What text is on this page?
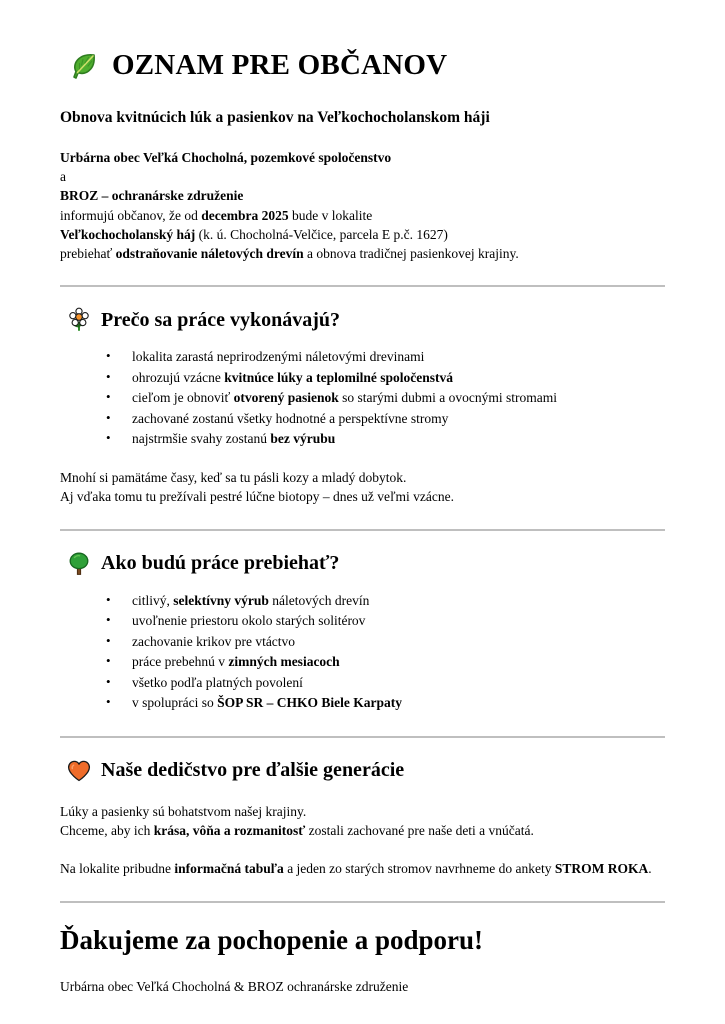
OZNAM PRE OBČANOV
Obnova kvitnúcich lúk a pasienkov na Veľkochocholanskom háji
Urbárna obec Veľká Chocholná, pozemkové spoločenstvo
a
BROZ – ochranárske združenie
informujú občanov, že od decembra 2025 bude v lokalite
Veľkochocholanský háj (k. ú. Chocholná-Velčice, parcela E p.č. 1627)
prebiehať odstraňovanie náletových drevín a obnova tradičnej pasienkovej krajiny.
Prečo sa práce vykonávajú?
• lokalita zarastá neprirodzenými náletovými drevinami
• ohrozujú vzácne kvitnúce lúky a teplomilné spoločenstvá
• cieľom je obnoviť otvorený pasienok so starými dubmi a ovocnými stromami
• zachované zostanú všetky hodnotné a perspektívne stromy
• najstrmšie svahy zostanú bez výrubu
Mnohí si pamätáme časy, keď sa tu pásli kozy a mladý dobytok.
Aj vďaka tomu tu prežívali pestré lúčne biotopy – dnes už veľmi vzácne.
Ako budú práce prebiehať?
• citlivý, selektívny výrub náletových drevín
• uvoľnenie priestoru okolo starých solitérov
• zachovanie krikov pre vtáctvo
• práce prebehnú v zimných mesiacoch
• všetko podľa platných povolení
• v spolupráci so ŠOP SR – CHKO Biele Karpaty
Naše dedičstvo pre ďalšie generácie
Lúky a pasienky sú bohatstvom našej krajiny.
Chceme, aby ich krása, vôňa a rozmanitosť zostali zachované pre naše deti a vnúčatá.
Na lokalite pribudne informačná tabuľa a jeden zo starých stromov navrhneme do ankety STROM ROKA.
Ďakujeme za pochopenie a podporu!
Urbárna obec Veľká Chocholná & BROZ ochranárske združenie
